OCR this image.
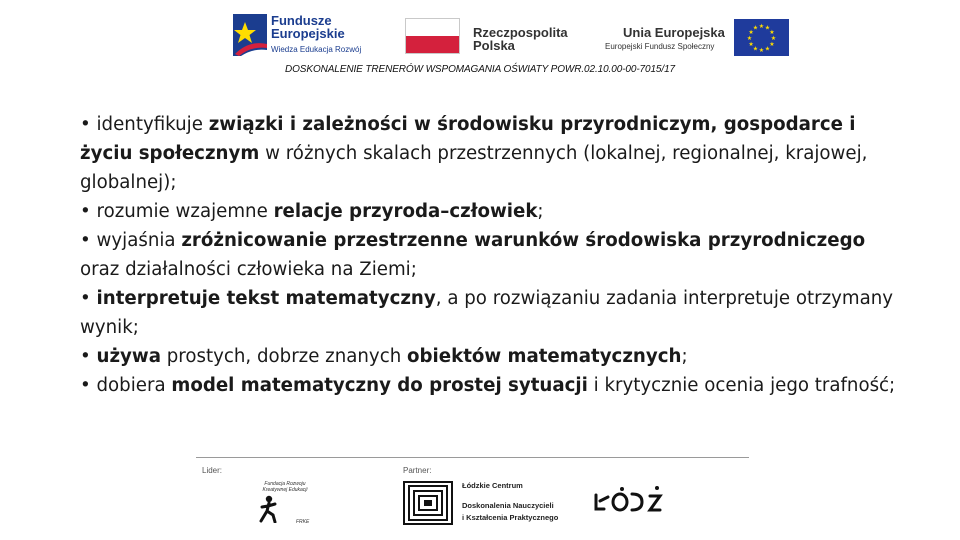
Fundusze
Europejskie
Wiedza Edukacja Rozwój
Rzeczpospolita
Polska
Unia Europejska
Europejski Fundusz Społeczny
★ ★
★
★
★
★
★
★
★
★
★
★
DOSKONALENIE TRENERÓW WSPOMAGANIA OŚWIATY POWR.02.10.00-00-7015/17

• identyfikuje związki i zależności w środowisku przyrodniczym, gospodarce i życiu społecznym w różnych skalach przestrzennych (lokalnej, regionalnej, krajowej, globalnej);

• rozumie wzajemne relacje przyroda–człowiek;

• wyjaśnia zróżnicowanie przestrzenne warunków środowiska przyrodniczego oraz działalności człowieka na Ziemi;

• interpretuje tekst matematyczny, a po rozwiązaniu zadania interpretuje otrzymany wynik;

• używa prostych, dobrze znanych obiektów matematycznych;

• dobiera model matematyczny do prostej sytuacji i krytycznie ocenia jego trafność;

Lider:	Partner:
Fundacja Rozwoju Kreatywnej Edukacji
FRKE
Łódzkie Centrum
Doskonalenia Nauczycieli
i Kształcenia Praktycznego
